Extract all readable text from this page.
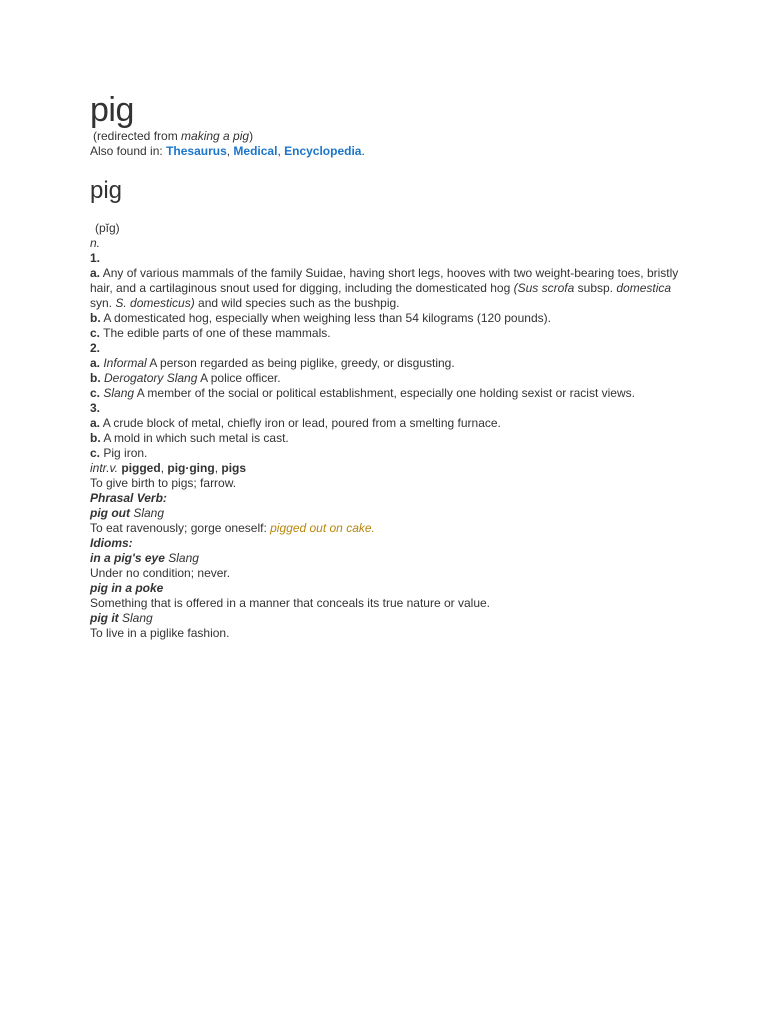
pig
(redirected from making a pig)
Also found in: Thesaurus, Medical, Encyclopedia.
pig
(pĭg)
n.
1.
a. Any of various mammals of the family Suidae, having short legs, hooves with two weight-bearing toes, bristly hair, and a cartilaginous snout used for digging, including the domesticated hog (Sus scrofa subsp. domestica syn. S. domesticus) and wild species such as the bushpig.
b. A domesticated hog, especially when weighing less than 54 kilograms (120 pounds).
c. The edible parts of one of these mammals.
2.
a. Informal A person regarded as being piglike, greedy, or disgusting.
b. Derogatory Slang A police officer.
c. Slang A member of the social or political establishment, especially one holding sexist or racist views.
3.
a. A crude block of metal, chiefly iron or lead, poured from a smelting furnace.
b. A mold in which such metal is cast.
c. Pig iron.
intr.v. pigged, pig·ging, pigs
To give birth to pigs; farrow.
Phrasal Verb:
pig out Slang
To eat ravenously; gorge oneself: pigged out on cake.
Idioms:
in a pig's eye Slang
Under no condition; never.
pig in a poke
Something that is offered in a manner that conceals its true nature or value.
pig it Slang
To live in a piglike fashion.
